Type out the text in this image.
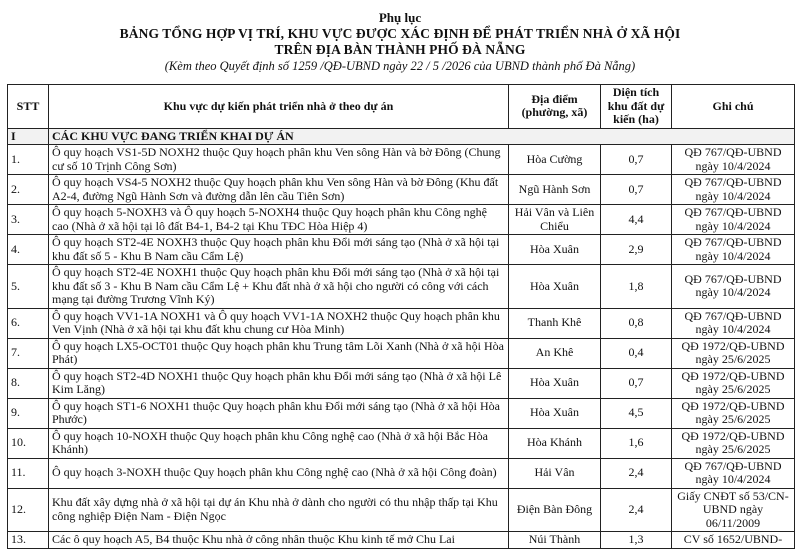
Phụ lục
BẢNG TỔNG HỢP VỊ TRÍ, KHU VỰC ĐƯỢC XÁC ĐỊNH ĐỂ PHÁT TRIỂN NHÀ Ở XÃ HỘI
TRÊN ĐỊA BÀN THÀNH PHỐ ĐÀ NẴNG
(Kèm theo Quyết định số 1259 /QĐ-UBND ngày 22 / 5 /2026 của UBND thành phố Đà Nẵng)
STT	Khu vực dự kiến phát triển nhà ở theo dự án	Địa điểm (phường, xã)	Diện tích khu đất dự kiến (ha)	Ghi chú
I	CÁC KHU VỰC ĐANG TRIỂN KHAI DỰ ÁN			
1.	Ô quy hoạch VS1-5D NOXH2 thuộc Quy hoạch phân khu Ven sông Hàn và bờ Đông (Chung cư số 10 Trịnh Công Sơn)	Hòa Cường	0,7	QĐ 767/QĐ-UBND ngày 10/4/2024
2.	Ô quy hoạch VS4-5 NOXH2 thuộc Quy hoạch phân khu Ven sông Hàn và bờ Đông (Khu đất A2-4, đường Ngũ Hành Sơn và đường dẫn lên cầu Tiên Sơn)	Ngũ Hành Sơn	0,7	QĐ 767/QĐ-UBND ngày 10/4/2024
3.	Ô quy hoạch 5-NOXH3 và Ô quy hoạch 5-NOXH4 thuộc Quy hoạch phân khu Công nghệ cao (Nhà ở xã hội tại lô đất B4-1, B4-2 tại Khu TĐC Hòa Hiệp 4)	Hải Vân và Liên Chiểu	4,4	QĐ 767/QĐ-UBND ngày 10/4/2024
4.	Ô quy hoạch ST2-4E NOXH3 thuộc Quy hoạch phân khu Đổi mới sáng tạo (Nhà ở xã hội tại khu đất số 5 - Khu B Nam cầu Cẩm Lệ)	Hòa Xuân	2,9	QĐ 767/QĐ-UBND ngày 10/4/2024
5.	Ô quy hoạch ST2-4E NOXH1 thuộc Quy hoạch phân khu Đổi mới sáng tạo (Nhà ở xã hội tại khu đất số 3 - Khu B Nam cầu Cẩm Lệ + Khu đất nhà ở xã hội cho người có công với cách mạng tại đường Trương Vĩnh Ký)	Hòa Xuân	1,8	QĐ 767/QĐ-UBND ngày 10/4/2024
6.	Ô quy hoạch VV1-1A NOXH1 và Ô quy hoạch VV1-1A NOXH2 thuộc Quy hoạch phân khu Ven Vịnh (Nhà ở xã hội tại khu đất khu chung cư Hòa Minh)	Thanh Khê	0,8	QĐ 767/QĐ-UBND ngày 10/4/2024
7.	Ô quy hoạch LX5-OCT01 thuộc Quy hoạch phân khu Trung tâm Lõi Xanh (Nhà ở xã hội Hòa Phát)	An Khê	0,4	QĐ 1972/QĐ-UBND ngày 25/6/2025
8.	Ô quy hoạch ST2-4D NOXH1 thuộc Quy hoạch phân khu Đổi mới sáng tạo (Nhà ở xã hội Lê Kim Lăng)	Hòa Xuân	0,7	QĐ 1972/QĐ-UBND ngày 25/6/2025
9.	Ô quy hoạch ST1-6 NOXH1 thuộc Quy hoạch phân khu Đổi mới sáng tạo (Nhà ở xã hội Hòa Phước)	Hòa Xuân	4,5	QĐ 1972/QĐ-UBND ngày 25/6/2025
10.	Ô quy hoạch 10-NOXH thuộc Quy hoạch phân khu Công nghệ cao (Nhà ở xã hội Bắc Hòa Khánh)	Hòa Khánh	1,6	QĐ 1972/QĐ-UBND ngày 25/6/2025
11.	Ô quy hoạch 3-NOXH thuộc Quy hoạch phân khu Công nghệ cao (Nhà ở xã hội Công đoàn)	Hải Vân	2,4	QĐ 767/QĐ-UBND ngày 10/4/2024
12.	Khu đất xây dựng nhà ở xã hội tại dự án Khu nhà ở dành cho người có thu nhập thấp tại Khu công nghiệp Điện Nam - Điện Ngọc	Điện Bàn Đông	2,4	Giấy CNĐT số 53/CN-UBND ngày 06/11/2009
13.	Các ô quy hoạch A5, B4 thuộc Khu nhà ở công nhân thuộc Khu kinh tế mở Chu Lai	Núi Thành	1,3	CV số 1652/UBND-
